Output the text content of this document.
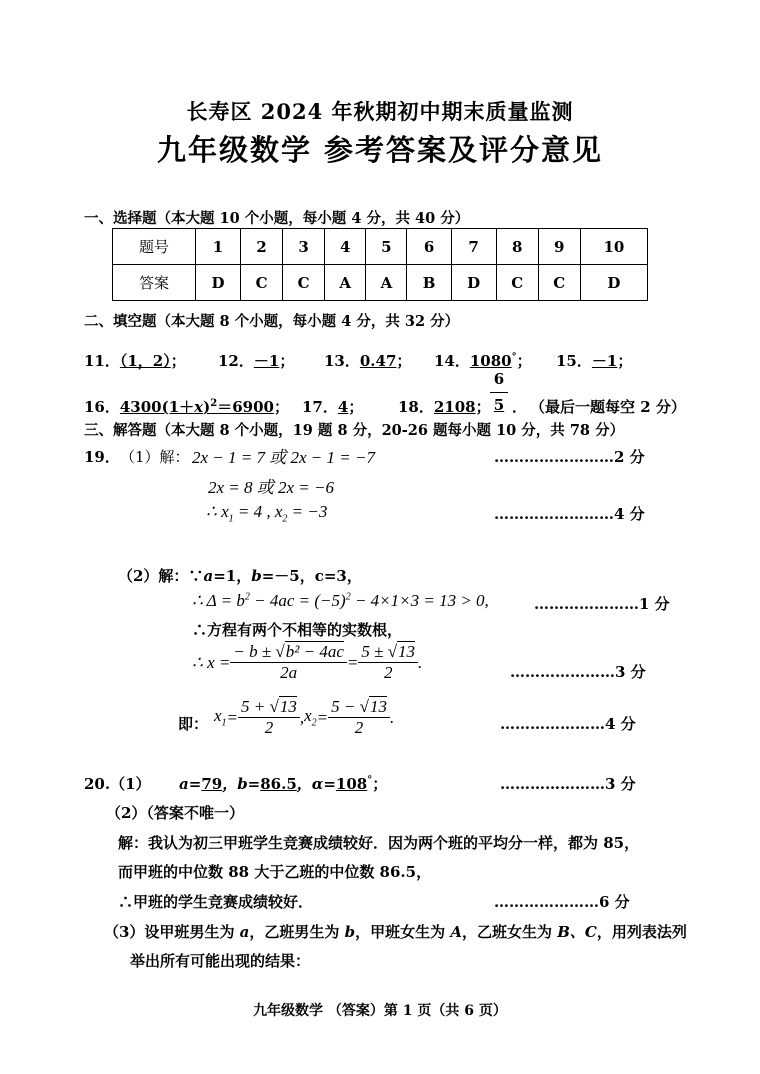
长寿区 2024 年秋期初中期末质量监测
九年级数学 参考答案及评分意见
一、选择题（本大题 10 个小题，每小题 4 分，共 40 分）
题号	1	2	3	4	5	6	7	8	9	10
答案	D	C	C	A	A	B	D	C	C	D
二、填空题（本大题 8 个小题，每小题 4 分，共 32 分）
11．（1，2）； 12．－1； 13．0.47； 14．1080°； 15．－1；
16．$4300(1+x)^2=6900$； 17．4； 18．2108；
6
5 ． （最后一题每空 2 分）
三、解答题（本大题 8 个小题，19 题 8 分，20-26 题每小题 10 分，共 78 分）
19． （1）解： 2x − 1 = 7 或 2x − 1 = −7	……………………2 分
2x = 8 或 2x = −6
∴ $x_1 = 4$ , $x_2 = -3$	……………………4 分
（2）解：∵a=1，b=－5，c=3，
∴ $\Delta = b^2 - 4ac = (-5)^2 - 4\times 1\times 3 = 13 > 0$,	…………………1 分
∴方程有两个不相等的实数根，
∴ $x = \frac{\text{− b ± √b² − 4ac}}{2a} = \frac{5 \pm √13}{2}$ .
…………………3 分
即： $x_1 = \frac{5 + √13}{2}$ , $x_2 = \frac{5 - √13}{2}$ .	…………………4 分
20.（1） a=79，b=86.5，α=108°；	…………………3 分
（2）（答案不唯一）
解：我认为初三甲班学生竞赛成绩较好．因为两个班的平均分一样，都为 85，
而甲班的中位数 88 大于乙班的中位数 86.5，
∴甲班的学生竞赛成绩较好．	…………………6 分
（3）设甲班男生为 a，乙班男生为 b，甲班女生为 A，乙班女生为 B、C，用列表法列
举出所有可能出现的结果：
九年级数学 （答案）第 1 页（共 6 页）
